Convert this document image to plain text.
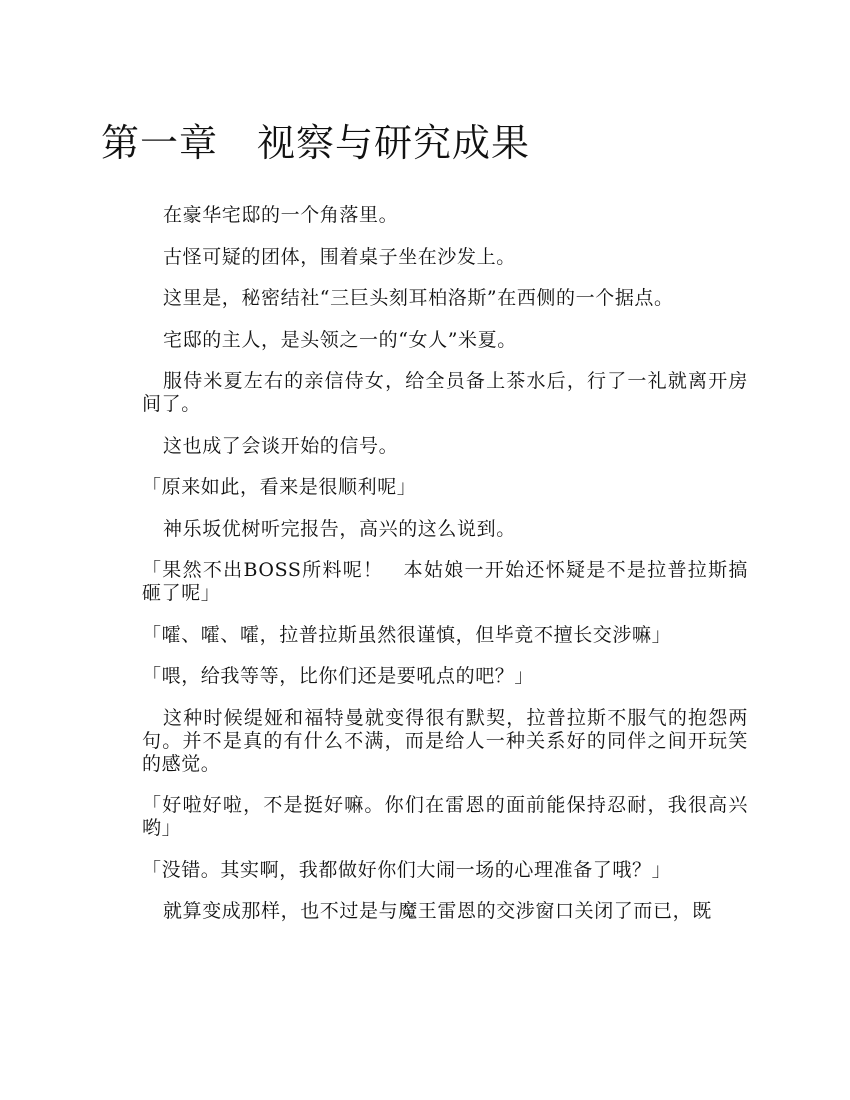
第一章　视察与研究成果

在豪华宅邸的一个角落里。

古怪可疑的团体，围着桌子坐在沙发上。

这里是，秘密结社“三巨头刻耳柏洛斯”在西侧的一个据点。

宅邸的主人，是头领之一的“女人”米夏。

服侍米夏左右的亲信侍女，给全员备上茶水后，行了一礼就离开房间了。

这也成了会谈开始的信号。

「原来如此，看来是很顺利呢」

神乐坂优树听完报告，高兴的这么说到。

「果然不出BOSS所料呢！　本姑娘一开始还怀疑是不是拉普拉斯搞砸了呢」

「嚯、嚯、嚯，拉普拉斯虽然很谨慎，但毕竟不擅长交涉嘛」

「喂，给我等等，比你们还是要吼点的吧？」

这种时候缇娅和福特曼就变得很有默契，拉普拉斯不服气的抱怨两句。并不是真的有什么不满，而是给人一种关系好的同伴之间开玩笑的感觉。

「好啦好啦，不是挺好嘛。你们在雷恩的面前能保持忍耐，我很高兴哟」

「没错。其实啊，我都做好你们大闹一场的心理准备了哦？」

就算变成那样，也不过是与魔王雷恩的交涉窗口关闭了而已，既
